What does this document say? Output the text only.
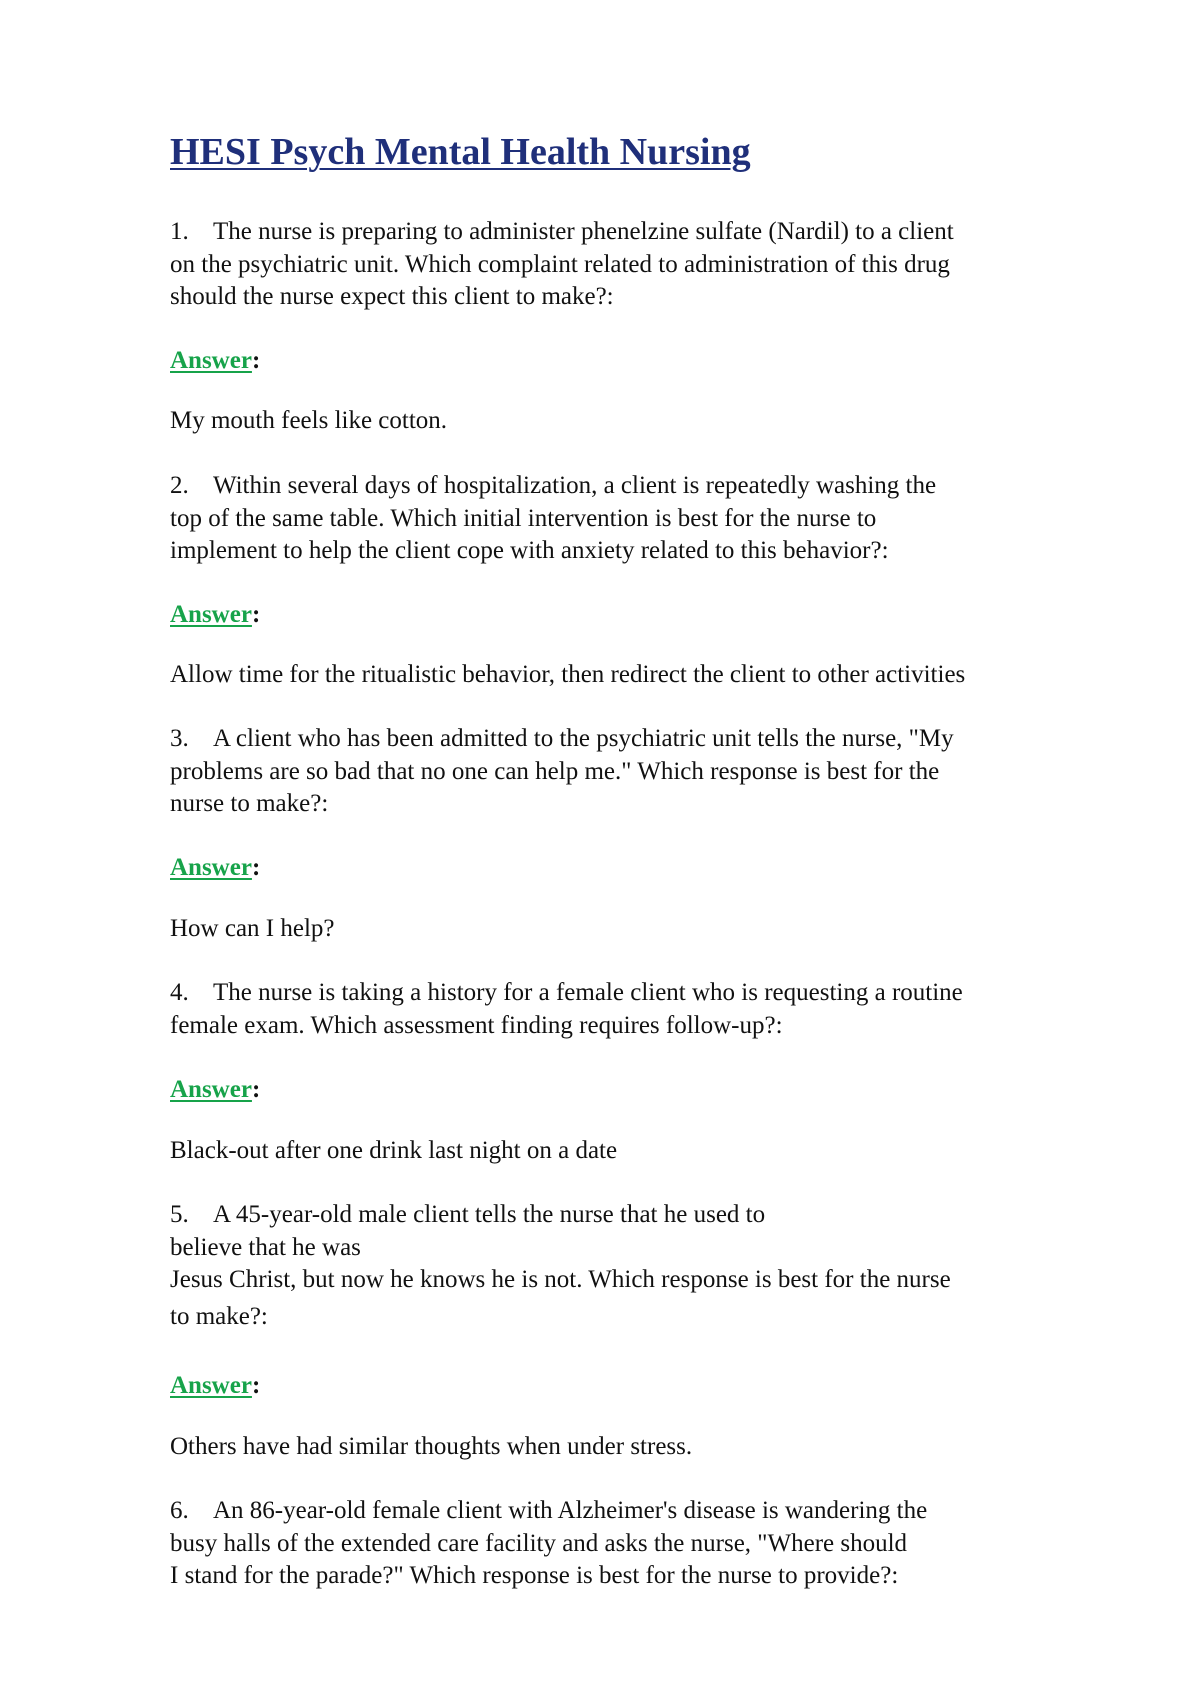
HESI Psych Mental Health Nursing
1. The nurse is preparing to administer phenelzine sulfate (Nardil) to a client
on the psychiatric unit. Which complaint related to administration of this drug
should the nurse expect this client to make?:
Answer:
My mouth feels like cotton.
2. Within several days of hospitalization, a client is repeatedly washing the
top of the same table. Which initial intervention is best for the nurse to
implement to help the client cope with anxiety related to this behavior?:
Answer:
Allow time for the ritualistic behavior, then redirect the client to other activities
3. A client who has been admitted to the psychiatric unit tells the nurse, "My
problems are so bad that no one can help me." Which response is best for the
nurse to make?:
Answer:
How can I help?
4. The nurse is taking a history for a female client who is requesting a routine
female exam. Which assessment finding requires follow-up?:
Answer:
Black-out after one drink last night on a date
5. A 45-year-old male client tells the nurse that he used to
believe that he was
Jesus Christ, but now he knows he is not. Which response is best for the nurse
to make?:
Answer:
Others have had similar thoughts when under stress.
6. An 86-year-old female client with Alzheimer's disease is wandering the
busy halls of the extended care facility and asks the nurse, "Where should
I stand for the parade?" Which response is best for the nurse to provide?:
